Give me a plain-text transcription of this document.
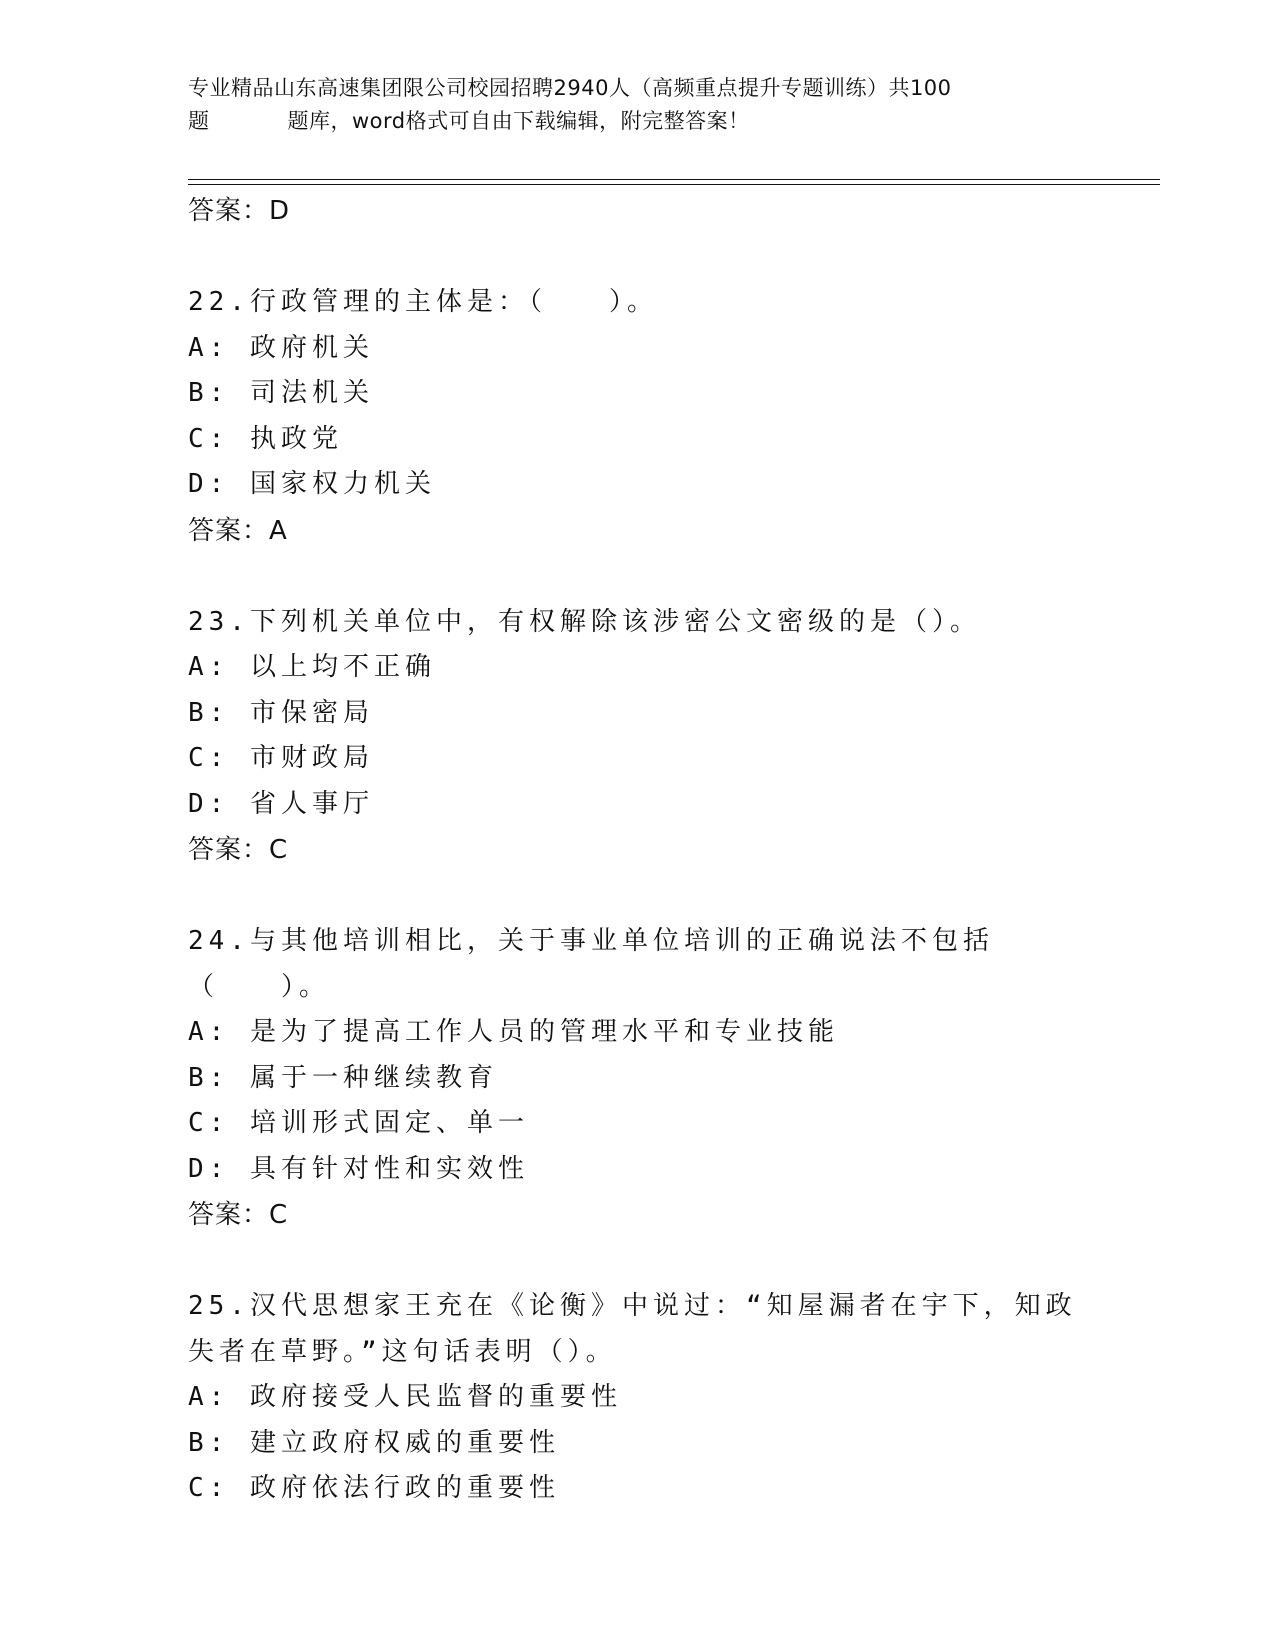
专业精品山东高速集团限公司校园招聘2940人（高频重点提升专题训练）共100
题	题库，word格式可自由下载编辑，附完整答案！
答案：D
22.行政管理的主体是：（　　）。
A: 政府机关
B: 司法机关
C: 执政党
D: 国家权力机关
答案：A
23.下列机关单位中，有权解除该涉密公文密级的是（）。
A: 以上均不正确
B: 市保密局
C: 市财政局
D: 省人事厅
答案：C
24.与其他培训相比，关于事业单位培训的正确说法不包括（　　）。
A: 是为了提高工作人员的管理水平和专业技能
B: 属于一种继续教育
C: 培训形式固定、单一
D: 具有针对性和实效性
答案：C
25.汉代思想家王充在《论衡》中说过：“知屋漏者在宇下，知政失者在草野。”这句话表明（）。
A: 政府接受人民监督的重要性
B: 建立政府权威的重要性
C: 政府依法行政的重要性
